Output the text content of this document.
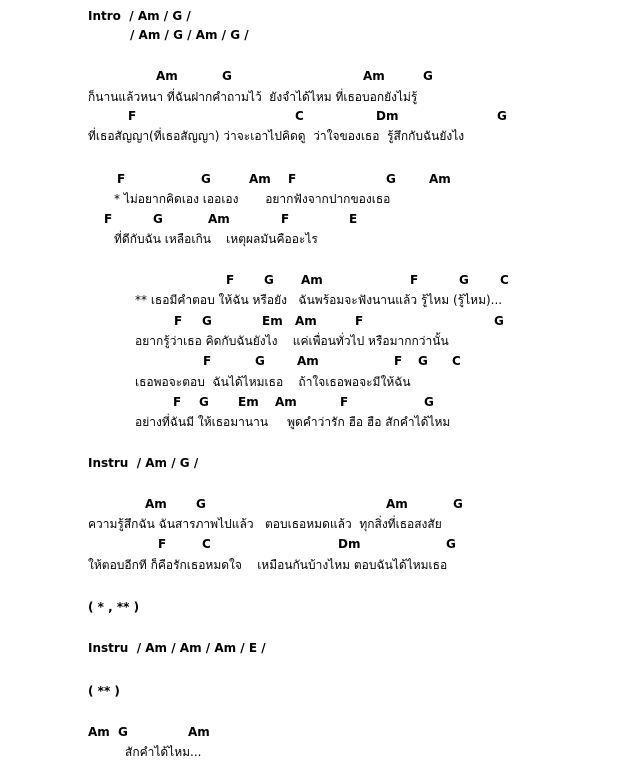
Intro  / Am / G /
/ Am / G / Am / G /
Am	G	Am	G
ก็นานแล้วหนา ที่ฉันฝากคำถามไว้  ยังจำได้ไหม ที่เธอบอกยังไม่รู้
F	C	Dm	G
ที่เธอสัญญา(ที่เธอสัญญา) ว่าจะเอาไปคิดดู  ว่าใจของเธอ  รู้สึกกับฉันยังไง
F	G	Am F	G	Am
* ไม่อยากคิดเอง เออเอง       อยากฟังจากปากของเธอ
F	G	Am	F	E
ที่ดีกับฉัน เหลือเกิน    เหตุผลมันคืออะไร
F G Am	F	G	C
** เธอมีคำตอบ ให้ฉัน หรือยัง   ฉันพร้อมจะฟังนานแล้ว รู้ไหม (รู้ไหม)...
F G	Em Am	F	G
อยากรู้ว่าเธอ คิดกับฉันยังไง    แค่เพื่อนทั่วไป หรือมากกว่านั้น
F	G	Am	F G C
เธอพอจะตอบ  ฉันได้ไหมเธอ    ถ้าใจเธอพอจะมีให้ฉัน
F G Em Am	F	G
อย่างที่ฉันมี ให้เธอมานาน     พูดคำว่ารัก ฮือ ฮือ สักคำได้ไหม
Instru  / Am / G /
Am G	Am	G
ความรู้สึกฉัน ฉันสารภาพไปแล้ว   ตอบเธอหมดแล้ว  ทุกสิ่งที่เธอสงสัย
F	C	Dm	G
ให้ตอบอีกที ก็คือรักเธอหมดใจ    เหมือนกันบ้างไหม ตอบฉันได้ไหมเธอ
( * , ** )
Instru  / Am / Am / Am / E /
( ** )
Am G	Am
สักคำได้ไหม...
